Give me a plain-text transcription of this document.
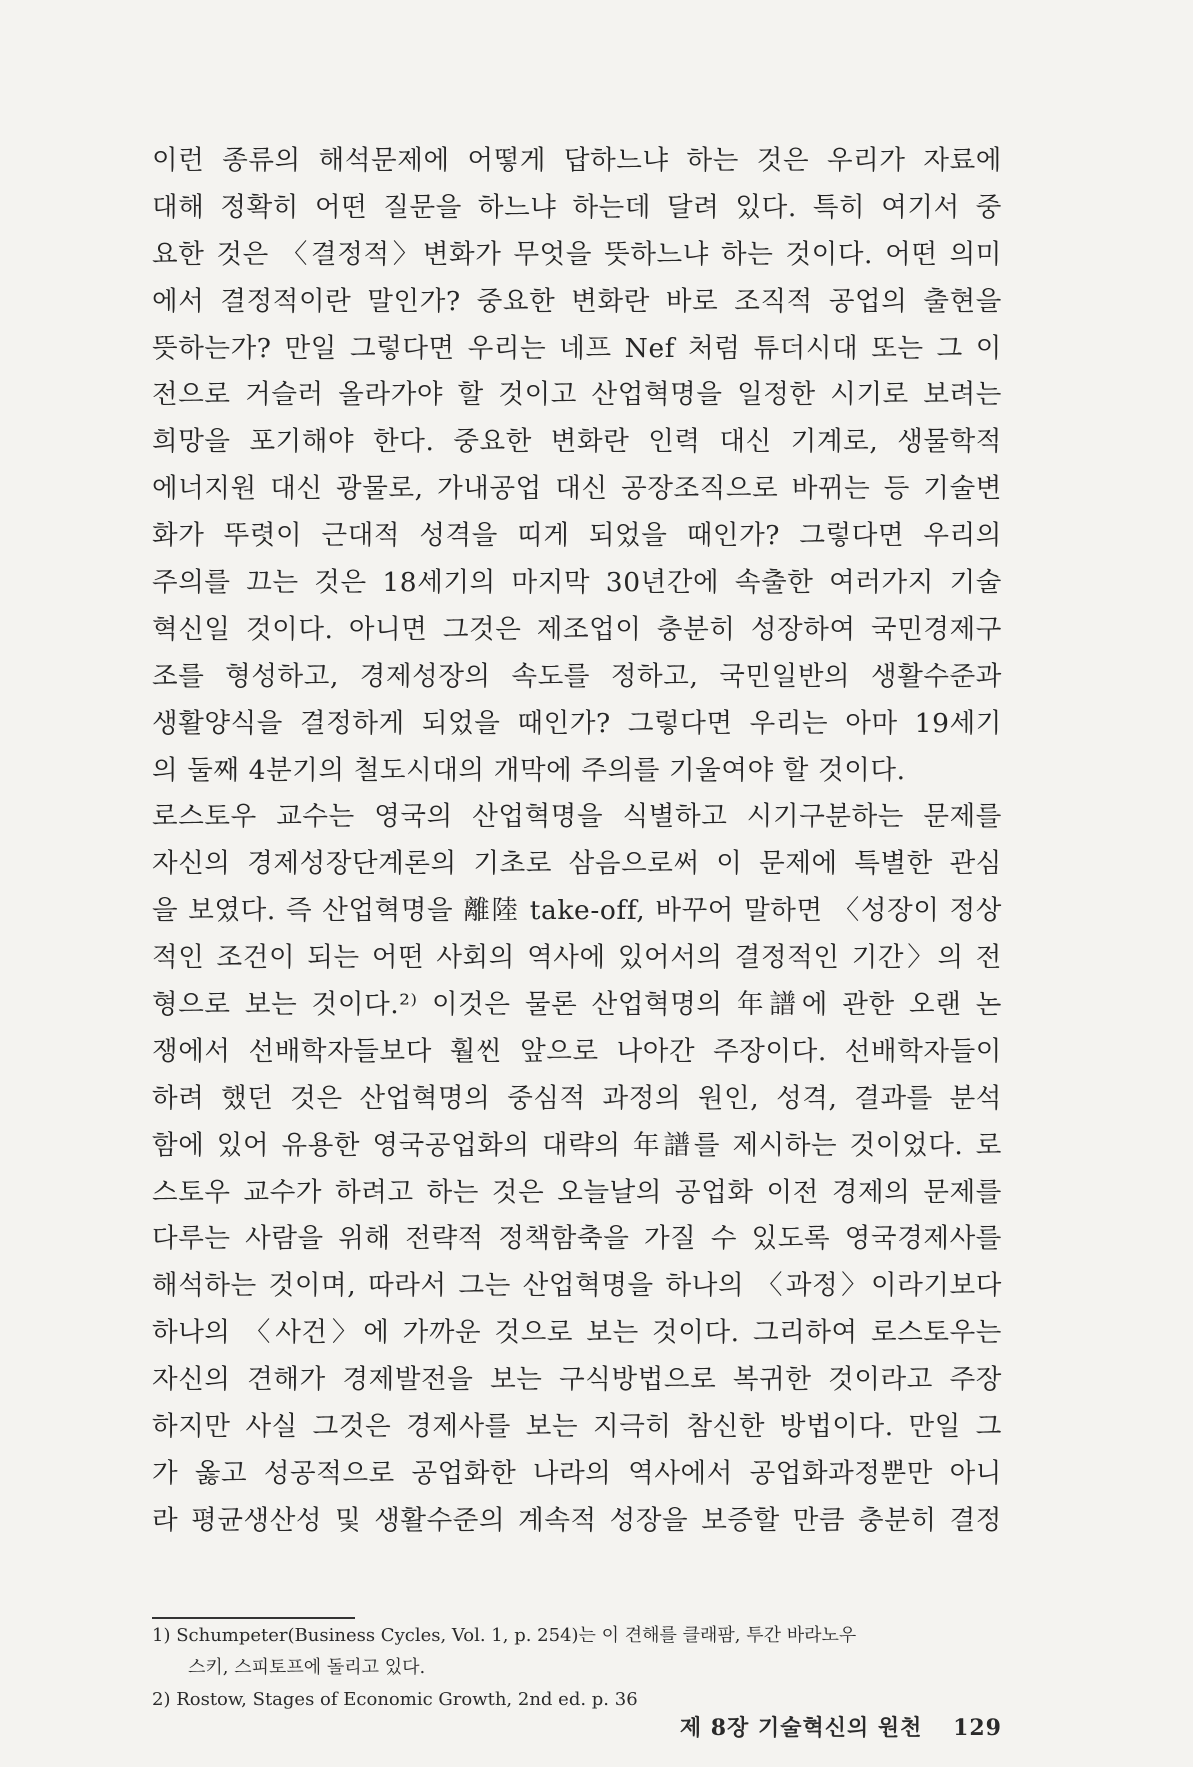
이런 종류의 해석문제에 어떻게 답하느냐 하는 것은 우리가 자료에
대해 정확히 어떤 질문을 하느냐 하는데 달려 있다. 특히 여기서 중
요한 것은 〈결정적〉변화가 무엇을 뜻하느냐 하는 것이다. 어떤 의미
에서 결정적이란 말인가? 중요한 변화란 바로 조직적 공업의 출현을
뜻하는가? 만일 그렇다면 우리는 네프 Nef 처럼 튜더시대 또는 그 이
전으로 거슬러 올라가야 할 것이고 산업혁명을 일정한 시기로 보려는
희망을 포기해야 한다. 중요한 변화란 인력 대신 기계로, 생물학적
에너지원 대신 광물로, 가내공업 대신 공장조직으로 바뀌는 등 기술변
화가 뚜렷이 근대적 성격을 띠게 되었을 때인가? 그렇다면 우리의
주의를 끄는 것은 18세기의 마지막 30년간에 속출한 여러가지 기술
혁신일 것이다. 아니면 그것은 제조업이 충분히 성장하여 국민경제구
조를 형성하고, 경제성장의 속도를 정하고, 국민일반의 생활수준과
생활양식을 결정하게 되었을 때인가? 그렇다면 우리는 아마 19세기
의 둘째 4분기의 철도시대의 개막에 주의를 기울여야 할 것이다.
로스토우 교수는 영국의 산업혁명을 식별하고 시기구분하는 문제를
자신의 경제성장단계론의 기초로 삼음으로써 이 문제에 특별한 관심
을 보였다. 즉 산업혁명을 離陸 take-off, 바꾸어 말하면 〈성장이 정상
적인 조건이 되는 어떤 사회의 역사에 있어서의 결정적인 기간〉의 전
형으로 보는 것이다.²⁾ 이것은 물론 산업혁명의 年譜에 관한 오랜 논
쟁에서 선배학자들보다 훨씬 앞으로 나아간 주장이다. 선배학자들이
하려 했던 것은 산업혁명의 중심적 과정의 원인, 성격, 결과를 분석
함에 있어 유용한 영국공업화의 대략의 年譜를 제시하는 것이었다. 로
스토우 교수가 하려고 하는 것은 오늘날의 공업화 이전 경제의 문제를
다루는 사람을 위해 전략적 정책함축을 가질 수 있도록 영국경제사를
해석하는 것이며, 따라서 그는 산업혁명을 하나의 〈과정〉이라기보다
하나의 〈사건〉에 가까운 것으로 보는 것이다. 그리하여 로스토우는
자신의 견해가 경제발전을 보는 구식방법으로 복귀한 것이라고 주장
하지만 사실 그것은 경제사를 보는 지극히 참신한 방법이다. 만일 그
가 옳고 성공적으로 공업화한 나라의 역사에서 공업화과정뿐만 아니
라 평균생산성 및 생활수준의 계속적 성장을 보증할 만큼 충분히 결정
1) Schumpeter(Business Cycles, Vol. 1, p. 254)는 이 견해를 클래팜, 투간 바라노우
스키, 스피토프에 돌리고 있다.
2) Rostow, Stages of Economic Growth, 2nd ed. p. 36
제 8장 기술혁신의 원천 129
